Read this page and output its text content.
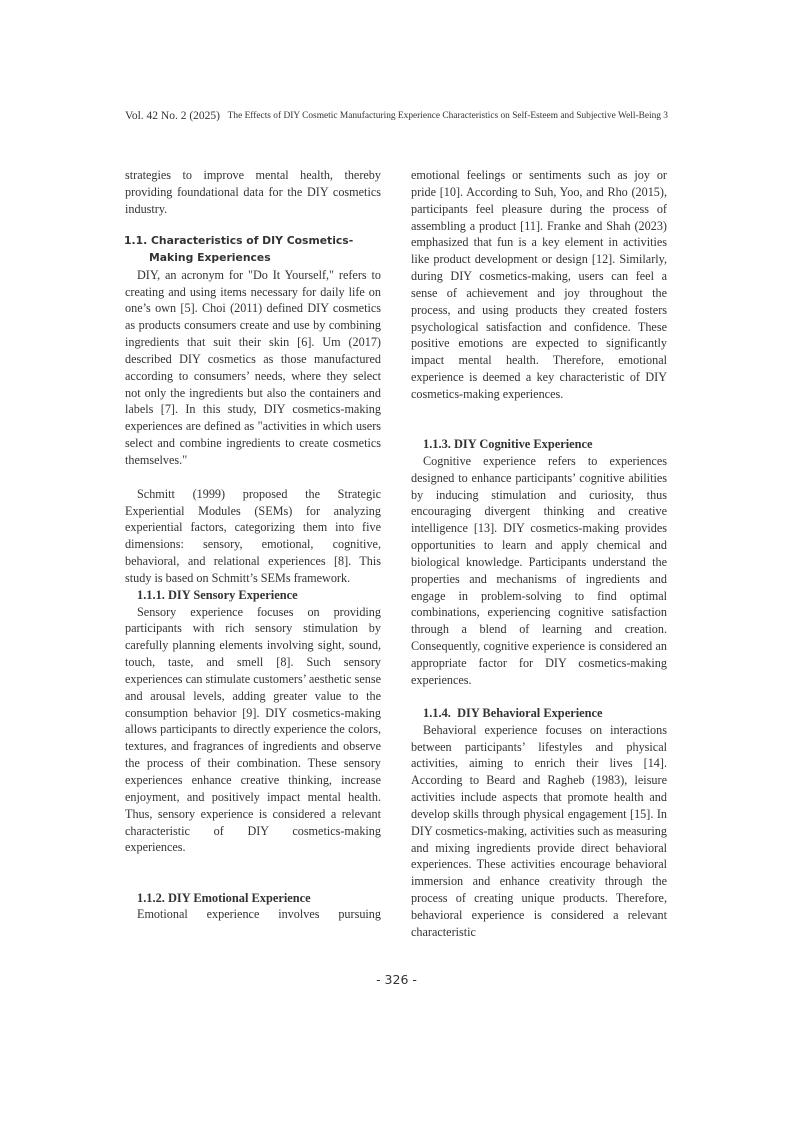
Vol. 42 No. 2 (2025) The Effects of DIY Cosmetic Manufacturing Experience Characteristics on Self-Esteem and Subjective Well-Being 3

strategies to improve mental health, thereby providing foundational data for the DIY cosmetics industry.

1.1. Characteristics of DIY Cosmetics-
Making Experiences

DIY, an acronym for "Do It Yourself," refers to creating and using items necessary for daily life on one’s own [5]. Choi (2011) defined DIY cosmetics as products consumers create and use by combining ingredients that suit their skin [6]. Um (2017) described DIY cosmetics as those manufactured according to consumers’ needs, where they select not only the ingredients but also the containers and labels [7]. In this study, DIY cosmetics-making experiences are defined as "activities in which users select and combine ingredients to create cosmetics themselves."

Schmitt (1999) proposed the Strategic Experiential Modules (SEMs) for analyzing experiential factors, categorizing them into five dimensions: sensory, emotional, cognitive, behavioral, and relational experiences [8]. This study is based on Schmitt’s SEMs framework.

1.1.1. DIY Sensory Experience

Sensory experience focuses on providing participants with rich sensory stimulation by carefully planning elements involving sight, sound, touch, taste, and smell [8]. Such sensory experiences can stimulate customers’ aesthetic sense and arousal levels, adding greater value to the consumption behavior [9]. DIY cosmetics-making allows participants to directly experience the colors, textures, and fragrances of ingredients and observe the process of their combination. These sensory experiences enhance creative thinking, increase enjoyment, and positively impact mental health. Thus, sensory experience is considered a relevant characteristic of DIY cosmetics-making experiences.

1.1.2. DIY Emotional Experience

Emotional experience involves pursuing

emotional feelings or sentiments such as joy or pride [10]. According to Suh, Yoo, and Rho (2015), participants feel pleasure during the process of assembling a product [11]. Franke and Shah (2023) emphasized that fun is a key element in activities like product development or design [12]. Similarly, during DIY cosmetics-making, users can feel a sense of achievement and joy throughout the process, and using products they created fosters psychological satisfaction and confidence. These positive emotions are expected to significantly impact mental health. Therefore, emotional experience is deemed a key characteristic of DIY cosmetics-making experiences.

1.1.3. DIY Cognitive Experience

Cognitive experience refers to experiences designed to enhance participants’ cognitive abilities by inducing stimulation and curiosity, thus encouraging divergent thinking and creative intelligence [13]. DIY cosmetics-making provides opportunities to learn and apply chemical and biological knowledge. Participants understand the properties and mechanisms of ingredients and engage in problem-solving to find optimal combinations, experiencing cognitive satisfaction through a blend of learning and creation. Consequently, cognitive experience is considered an appropriate factor for DIY cosmetics-making experiences.

1.1.4.  DIY Behavioral Experience

Behavioral experience focuses on interactions between participants’ lifestyles and physical activities, aiming to enrich their lives [14]. According to Beard and Ragheb (1983), leisure activities include aspects that promote health and develop skills through physical engagement [15]. In DIY cosmetics-making, activities such as measuring and mixing ingredients provide direct behavioral experiences. These activities encourage behavioral immersion and enhance creativity through the process of creating unique products. Therefore, behavioral experience is considered a relevant characteristic

- 326 -
